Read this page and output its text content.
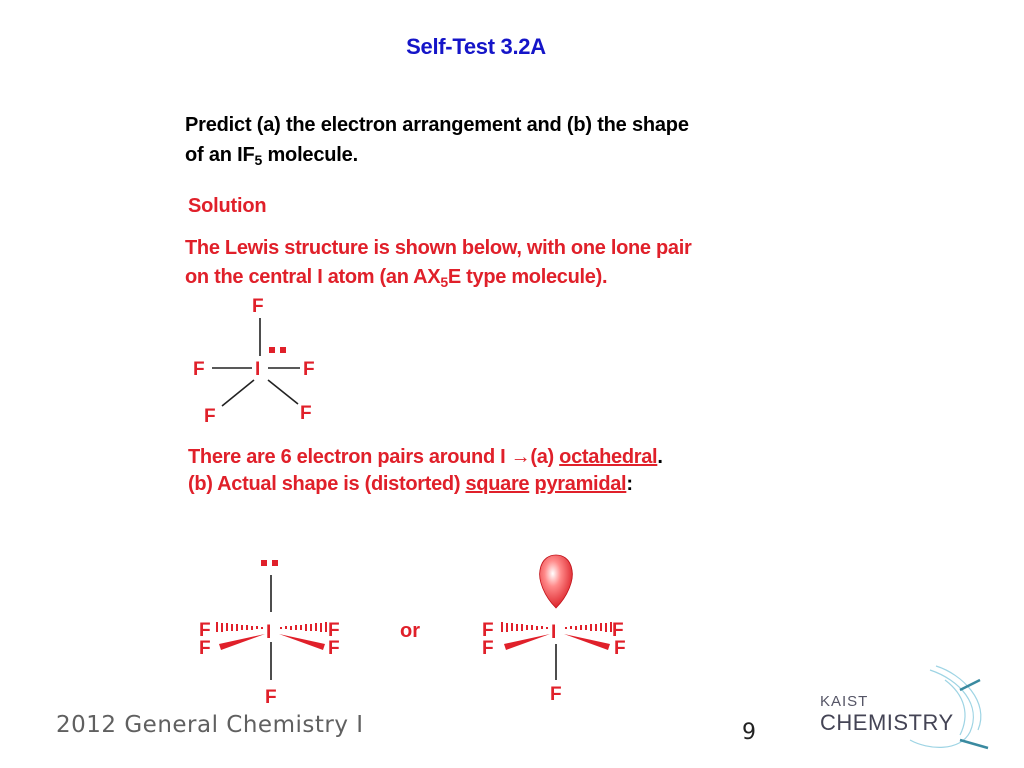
Self-Test 3.2A
Predict (a) the electron arrangement and (b) the shape
of an $IF_5$ molecule.
Solution
The Lewis structure is shown below, with one lone pair
on the central I atom (an $AX_5E$ type molecule).
F
F	I F
F	F
There are 6 electron pairs around I →(a) octahedral.
(b) Actual shape is (distorted) square pyramidal:
F
F
I	F
F
F
or	F
F
I	F
F
F
2012 General Chemistry I	9
KAIST
CHEMISTRY
